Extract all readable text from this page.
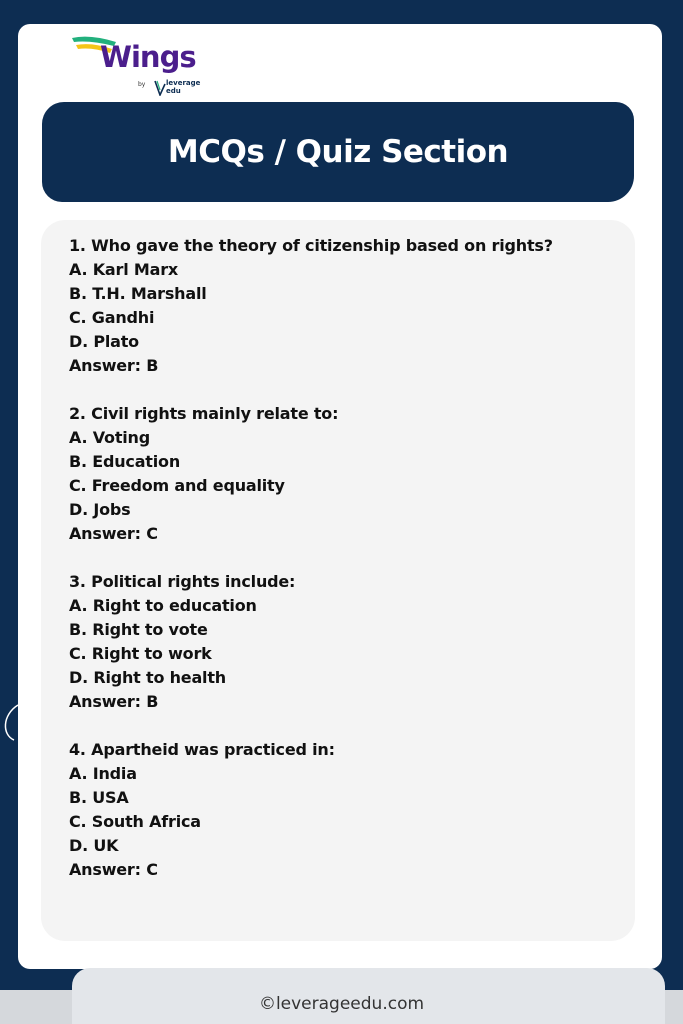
Wings
by	leverage
edu
MCQs / Quiz Section
1. Who gave the theory of citizenship based on rights?
A. Karl Marx
B. T.H. Marshall
C. Gandhi
D. Plato
Answer: B
2. Civil rights mainly relate to:
A. Voting
B. Education
C. Freedom and equality
D. Jobs
Answer: C
3. Political rights include:
A. Right to education
B. Right to vote
C. Right to work
D. Right to health
Answer: B
4. Apartheid was practiced in:
A. India
B. USA
C. South Africa
D. UK
Answer: C
©leverageedu.com
